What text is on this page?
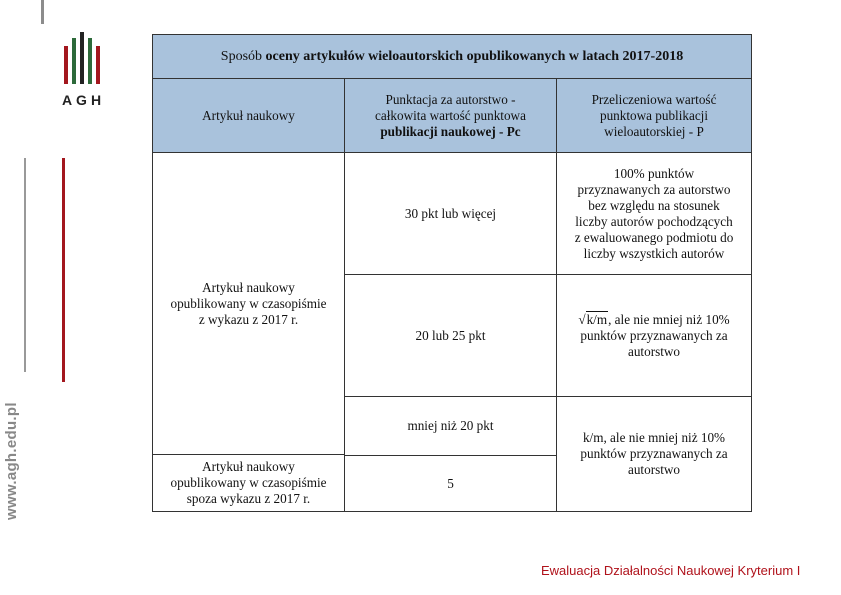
AGH
www.agh.edu.pl
Sposób oceny artykułów wieloautorskich opublikowanych w latach 2017-2018
Artykuł naukowy
Punktacja za autorstwo -
całkowita wartość punktowa
publikacji naukowej - Pc
Przeliczeniowa wartość
punktowa publikacji
wieloautorskiej - P
Artykuł naukowy
opublikowany w czasopiśmie
z wykazu z 2017 r.
30 pkt lub więcej
100% punktów
przyznawanych za autorstwo
bez względu na stosunek
liczby autorów pochodzących
z ewaluowanego podmiotu do
liczby wszystkich autorów
20 lub 25 pkt
√k/m, ale nie mniej niż 10%
punktów przyznawanych za
autorstwo
mniej niż 20 pkt
k/m, ale nie mniej niż 10%
punktów przyznawanych za
autorstwo
Artykuł naukowy
opublikowany w czasopiśmie
spoza wykazu z 2017 r.
5
Ewaluacja Działalności Naukowej Kryterium I
